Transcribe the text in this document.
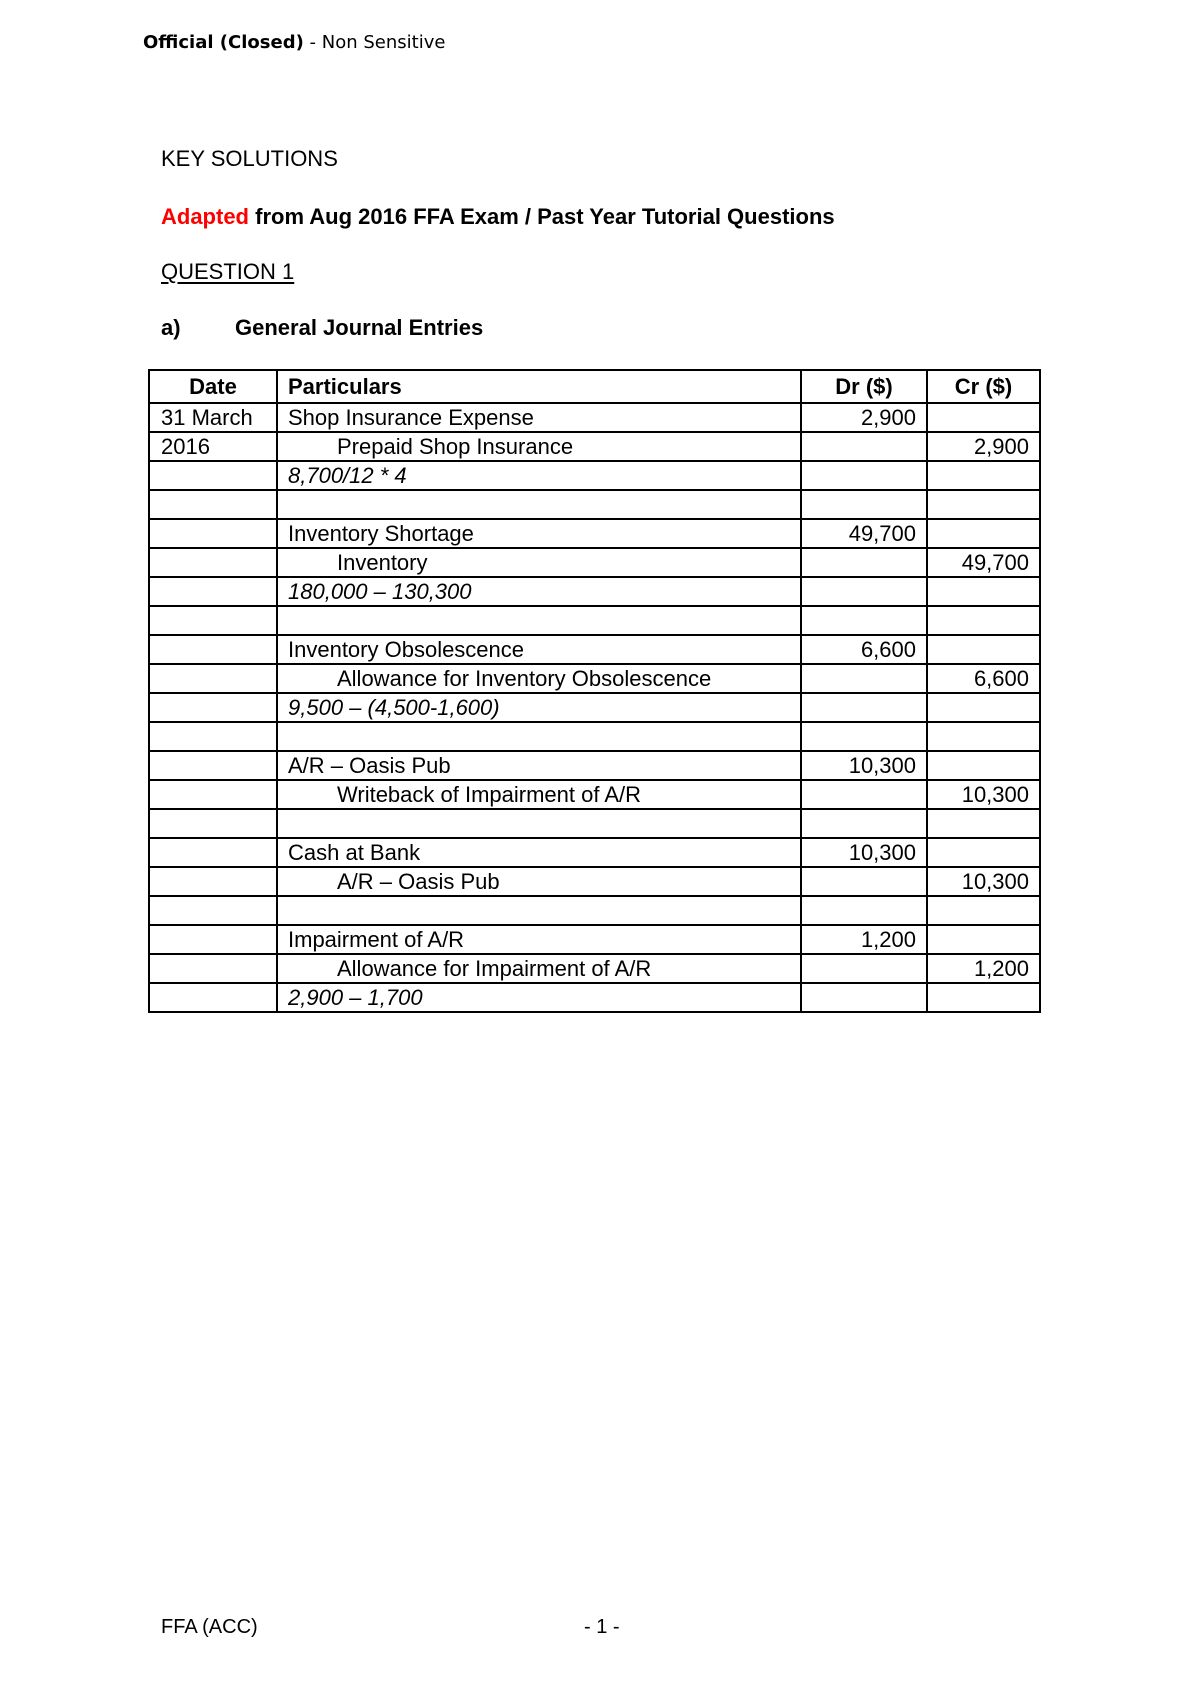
Official (Closed) - Non Sensitive
KEY SOLUTIONS
Adapted from Aug 2016 FFA Exam / Past Year Tutorial Questions
QUESTION 1
a) General Journal Entries
Date	Particulars	Dr ($)	Cr ($)
31 March	Shop Insurance Expense	2,900	
2016	Prepaid Shop Insurance		2,900
	8,700/12 * 4		

	Inventory Shortage	49,700	
	Inventory		49,700
	180,000 – 130,300		

	Inventory Obsolescence	6,600	
	Allowance for Inventory Obsolescence		6,600
	9,500 – (4,500-1,600)		

	A/R – Oasis Pub	10,300	
	Writeback of Impairment of A/R		10,300

	Cash at Bank	10,300	
	A/R – Oasis Pub		10,300

	Impairment of A/R	1,200	
	Allowance for Impairment of A/R		1,200
	2,900 – 1,700		
FFA (ACC)	- 1 -
